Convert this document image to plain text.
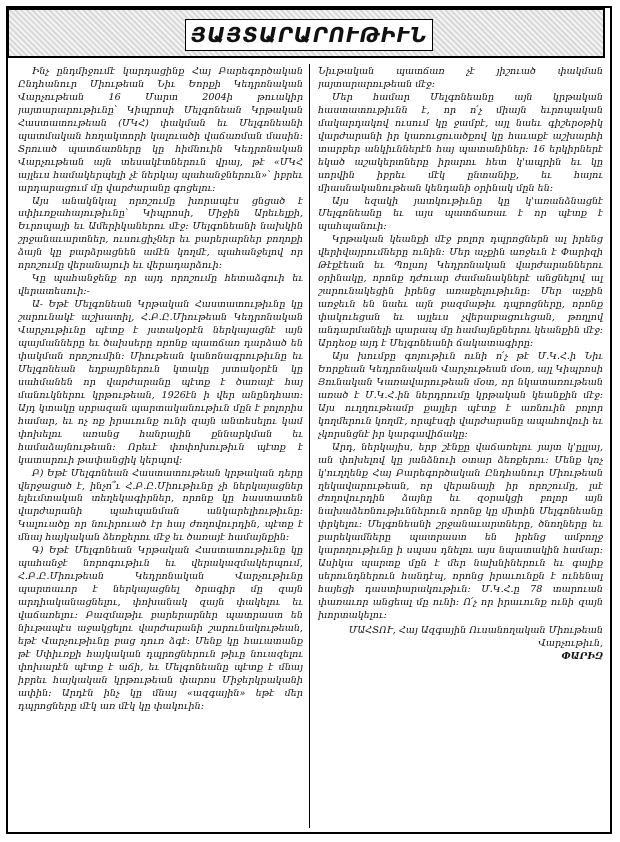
ՅԱՅՏԱՐԱՐՈՒԹԻՒՆ

Ինչ ընդմիջումէ կարդացինք Հայ Բարեգործական Ընդհանուր Միութեան Նիւ Եորքի Կեդրոնական Վարչութեան 16 Մարտ 2004ի թուակիր յայտարարութիւնը՝ Կիպրոսի Մելգոնեան Կրթական Հաստատութեան (ՄԿՀ) փակման եւ Մելգոնեանի պատմական հողակտորի կալուածի վաճառման մասին։ Տրուած պատճառները կը հիմնուին Կեդրոնական Վարչութեան այն տեսակէտներուն վրայ, թէ «ՄԿՀ այլեւս համակերպելի չէ ներկայ պահանջներուն»՝ իբրեւ արդարացում մը վարժարանը գոցելու։

Այս անակնկալ որոշումը խորապէս ցնցած է սփիւռքահայութիւնը՝ Կիպրոսի, Միջին Արեւելքի, Եւրոպայի եւ Ամերիկաներու մէջ։ Մելգոնեանի նախկին շրջանաւարտներ, ուսուցիչներ եւ բարերարներ բողոքի ձայն կը բարձրացնեն ամէն կողմէ, պահանջելով որ որոշումը վերանայուի եւ վերադարձուի։

Կը պահանջենք որ այդ որոշումը հետաձգուի եւ վերատեսուի։-

Ա- Եթէ Մելգոնեան Կրթական Հաստատութիւնը կը շարունակէ աշխատիլ, Հ.Բ.Ը.Միութեան Կեդրոնական Վարչութիւնը պէտք է յստակօրէն ներկայացնէ այն պայմանները եւ ծախսերը որոնք պատճառ դարձած են փակման որոշումին։ Միութեան կանոնագրութիւնը եւ Մելգոնեան եղբայրներուն կտակը յստակօրէն կը սահմանեն որ վարժարանը պէտք է ծառայէ հայ մանուկներու կրթութեան, 1926էն ի վեր անընդհատ։ Այդ կտակը սրբազան պարտականութիւն մըն է բոլորիս համար, եւ ոչ ոք իրաւունք ունի զայն անտեսելու կամ փոխելու առանց հանրային քննարկման եւ համաձայնութեան։ Որեւէ փոփոխութիւն պէտք է կատարուի թափանցիկ կերպով։

Բ) Եթէ Մելգոնեան Հաստատութեան կրթական դերը վերջացած է, ինչո՞ւ Հ.Բ.Ը.Միութիւնը չի ներկայացներ ելեւմտական տեղեկագիրներ, որոնք կը հաստատեն վարժարանի պահպանման անկարելիութիւնը։ Կալուածը որ նուիրուած էր հայ ժողովուրդին, պէտք է մնայ հայկական ձեռքերու մէջ եւ ծառայէ համայնքին։

Գ) Եթէ Մելգոնեան Կրթական Հաստատութիւնը կը պահանջէ նորոգութիւն եւ վերակազմակերպում, Հ.Բ.Ը.Միութեան Կեդրոնական Վարչութիւնը պարտաւոր է ներկայացնել ծրագիր մը զայն արդիականացնելու, փոխանակ զայն փակելու եւ վաճառելու։ Բազմաթիւ բարերարներ պատրաստ են նիւթապէս աջակցելու վարժարանի շարունակութեան, եթէ Վարչութիւնը բաց դուռ ձգէ։ Մենք կը հաւատանք թէ Սփիւռքի հայկական դպրոցներուն թիւը նուազելու փոխարէն պէտք է աճի, եւ Մելգոնեանը պէտք է մնայ իբրեւ հայկական կրթութեան փարոս Միջերկրականի ափին։ Արդէն ինչ կը մնայ «ազգային» եթէ մեր դպրոցները մէկ առ մէկ կը փակուին։

Նիւթական պատճառ չէ յիշուած փակման յայտարարութեան մէջ։

Մեր համար Մելգոնեանը այն կրթական հաստատութիւնն է, որ ո՛չ միայն եւրոպական մակարդակով ուսում կը ջամբէ, այլ նաեւ գիշերօթիկ վարժարանի իր կառուցուածքով կը հաւաքէ աշխարհի տարբեր անկիւններէն հայ պատանիներ։ 16 երկիրներէ եկած աշակերտները իրարու հետ կ'ապրին եւ կը սորվին իբրեւ մէկ ընտանիք, եւ հայու միասնականութեան կենդանի օրինակ մըն են։

Այս եզակի յատկութիւնը կը կ'առանձնացնէ Մելգոնեանը եւ այս պատճառաւ է որ պէտք է պահպանուի։

Կրթական կեանքի մէջ բոլոր դպրոցներն ալ իրենց վերիվայրումները ունին։ Մեր աչքին առջեւն է Փարիզի Թէքէեան եւ Պոլսոյ Կեդրոնական վարժարաններու օրինակը, որոնք դժուար ժամանակներէ անցնելով ալ շարունակեցին իրենց առաքելութիւնը։ Մեր աչքին առջեւն են նաեւ այն բազմաթիւ դպրոցները, որոնք փակուեցան եւ այլեւս չվերաբացուեցան, թողլով անդարմանելի պարապ մը համայնքներու կեանքին մէջ։ Արդեօք այդ է Մելգոնեանի ճակատագիրը։

Այս խումբը գոյութիւն ունի ո՛չ թէ Մ.Կ.Հ.ի Նիւ Եորքեան Կեդրոնական Վարչութեան մօտ, այլ Կիպրոսի Յունական Կառավարութեան մօտ, որ նկատառութեան առած է Մ.Կ.Հ.ին ներդրումը կրթական կեանքին մէջ։ Այս ուղղութեամբ քայլեր պէտք է առնուին բոլոր կողմերուն կողմէ, որպէսզի վարժարանը ապահովուի եւ չկորսնցնէ իր կարգավիճակը։

Արդ, ներկայիս, երբ շէնքը վաճառելու յայտ կ'ըլլայ, ան փոխելով կը յանձնուի օտար ձեռքերու։ Մենք կոչ կ'ուղղենք Հայ Բարեգործական Ընդհանուր Միութեան ղեկավարութեան, որ վերանայի իր որոշումը, լսէ ժողովուրդին ձայնը եւ զօրակցի բոլոր այն նախաձեռնութիւններուն որոնք կը միտին Մելգոնեանը փրկելու։ Մելգոնեանի շրջանաւարտները, ծնողները եւ բարեկամները պատրաստ են իրենց ամբողջ կարողութիւնը ի սպաս դնելու այս նպատակին համար։ Ասիկա պարտք մըն է մեր նախնիներուն եւ գալիք սերունդներուն հանդէպ, որոնց իրաւունքն է ունենալ հայեցի դաստիարակութիւն։ Մ.Կ.Հ.ը 78 տարուան փառաւոր անցեալ մը ունի։ Ո՛չ որ իրաւունք ունի զայն խորտակելու։

ՄԱՀՏՈՒ, Հայ Ազգային Ուսանողական Միութեան Վարչութիւն,
ՓԱՐԻԶ
